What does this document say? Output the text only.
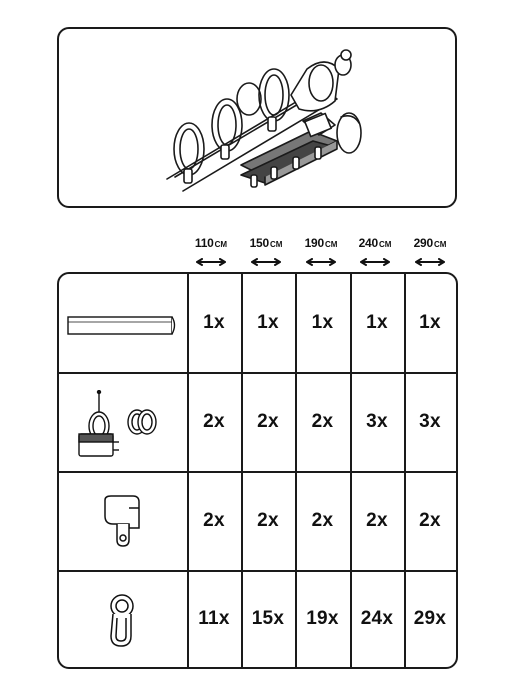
110CM	150CM	190CM	240CM	290CM
1x	1x	1x	1x	1x
2x	2x	2x	3x	3x
2x	2x	2x	2x	2x
11x	15x	19x	24x	29x
